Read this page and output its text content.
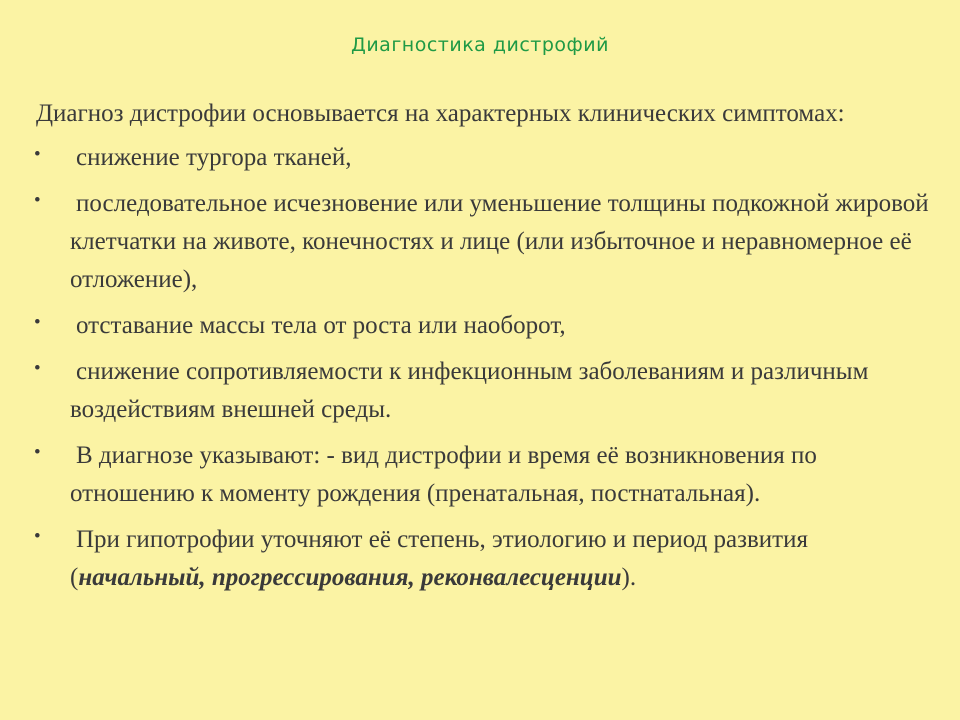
Диагностика дистрофий

Диагноз дистрофии основывается на характерных клинических симптомах:

• снижение тургора тканей,
• последовательное исчезновение или уменьшение толщины подкожной жировой клетчатки на животе, конечностях и лице (или избыточное и неравномерное её отложение),
• отставание массы тела от роста или наоборот,
• снижение сопротивляемости к инфекционным заболеваниям и различным воздействиям внешней среды.
• В диагнозе указывают: - вид дистрофии и время её возникновения по отношению к моменту рождения (пренатальная, постнатальная).
• При гипотрофии уточняют её степень, этиологию и период развития (начальный, прогрессирования, реконвалесценции).
